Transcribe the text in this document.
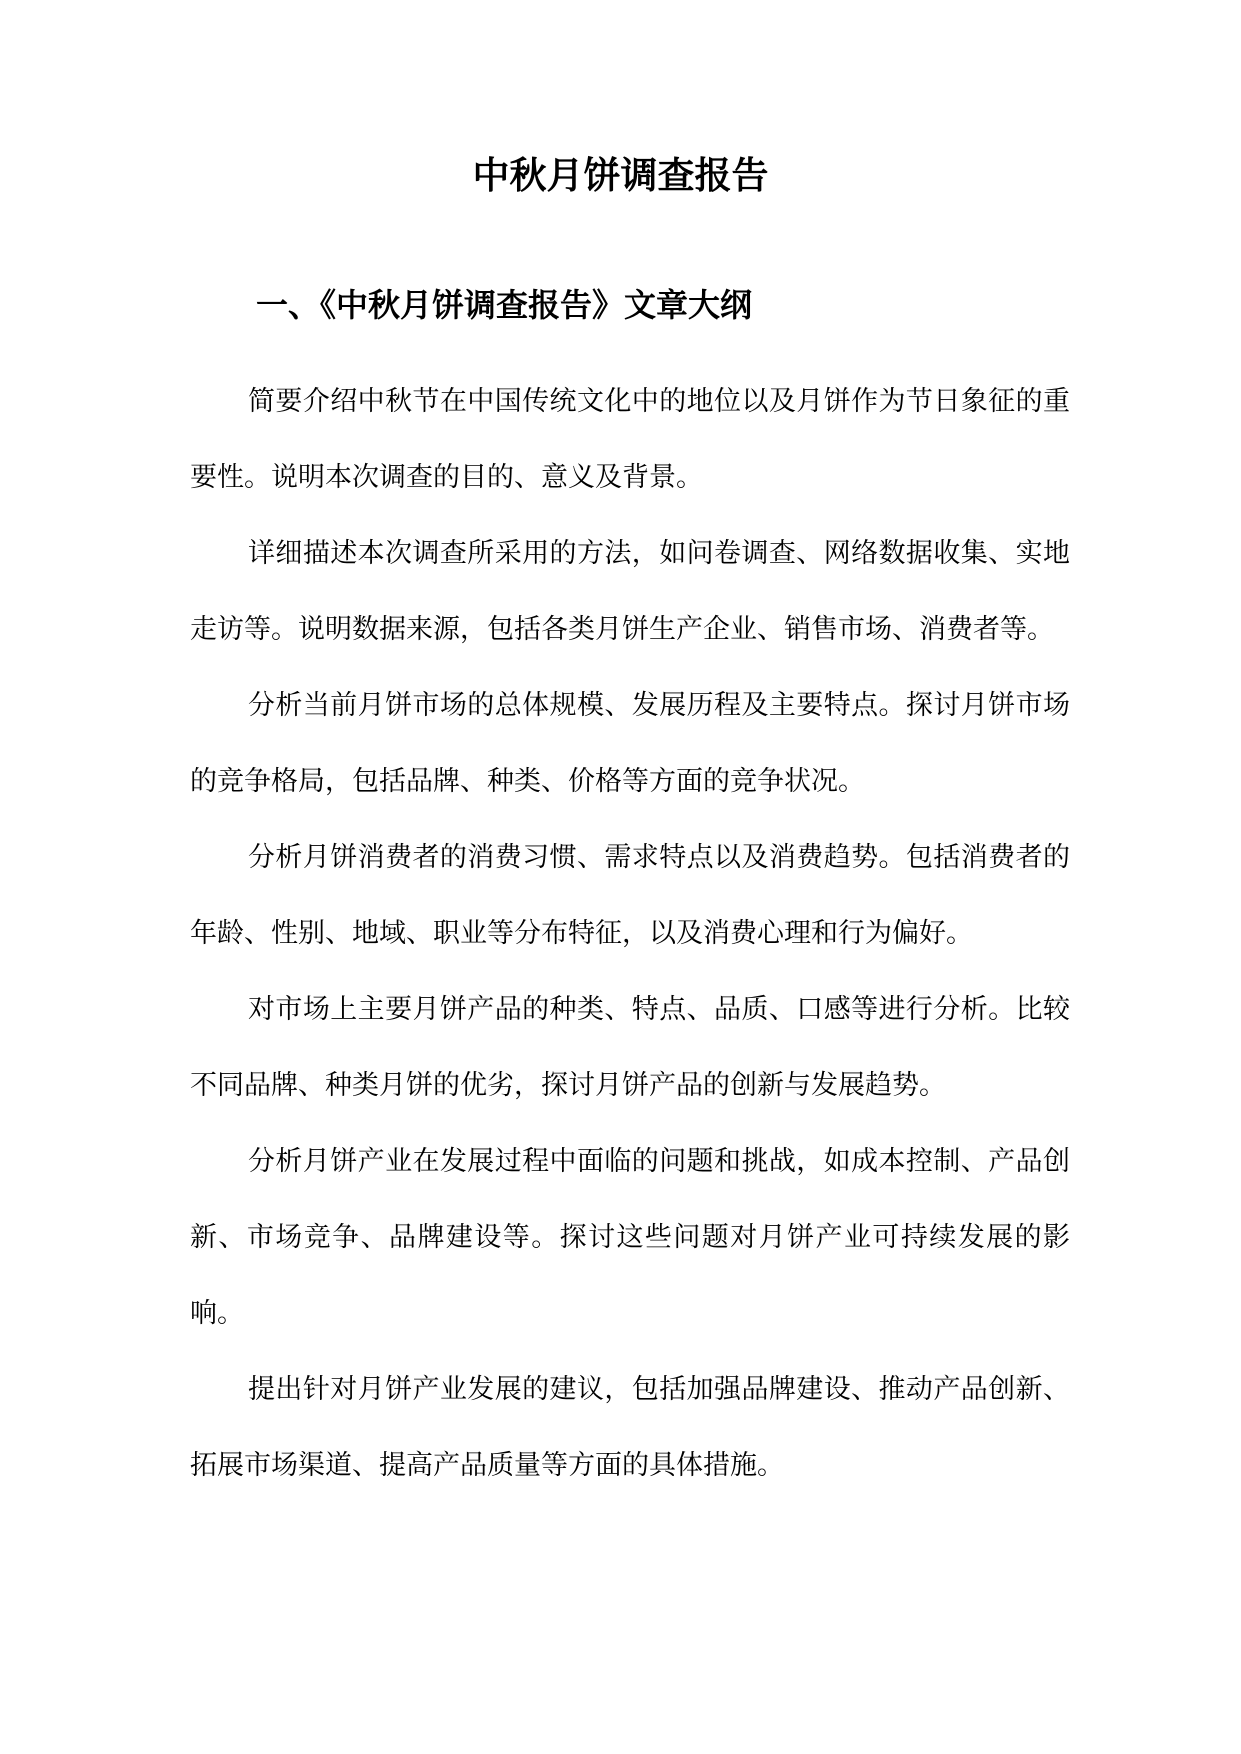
中秋月饼调查报告
一、《中秋月饼调查报告》文章大纲

简要介绍中秋节在中国传统文化中的地位以及月饼作为节日象征的重要性。说明本次调查的目的、意义及背景。

详细描述本次调查所采用的方法，如问卷调查、网络数据收集、实地走访等。说明数据来源，包括各类月饼生产企业、销售市场、消费者等。

分析当前月饼市场的总体规模、发展历程及主要特点。探讨月饼市场的竞争格局，包括品牌、种类、价格等方面的竞争状况。

分析月饼消费者的消费习惯、需求特点以及消费趋势。包括消费者的年龄、性别、地域、职业等分布特征，以及消费心理和行为偏好。

对市场上主要月饼产品的种类、特点、品质、口感等进行分析。比较不同品牌、种类月饼的优劣，探讨月饼产品的创新与发展趋势。

分析月饼产业在发展过程中面临的问题和挑战，如成本控制、产品创新、市场竞争、品牌建设等。探讨这些问题对月饼产业可持续发展的影响。

提出针对月饼产业发展的建议，包括加强品牌建设、推动产品创新、拓展市场渠道、提高产品质量等方面的具体措施。
